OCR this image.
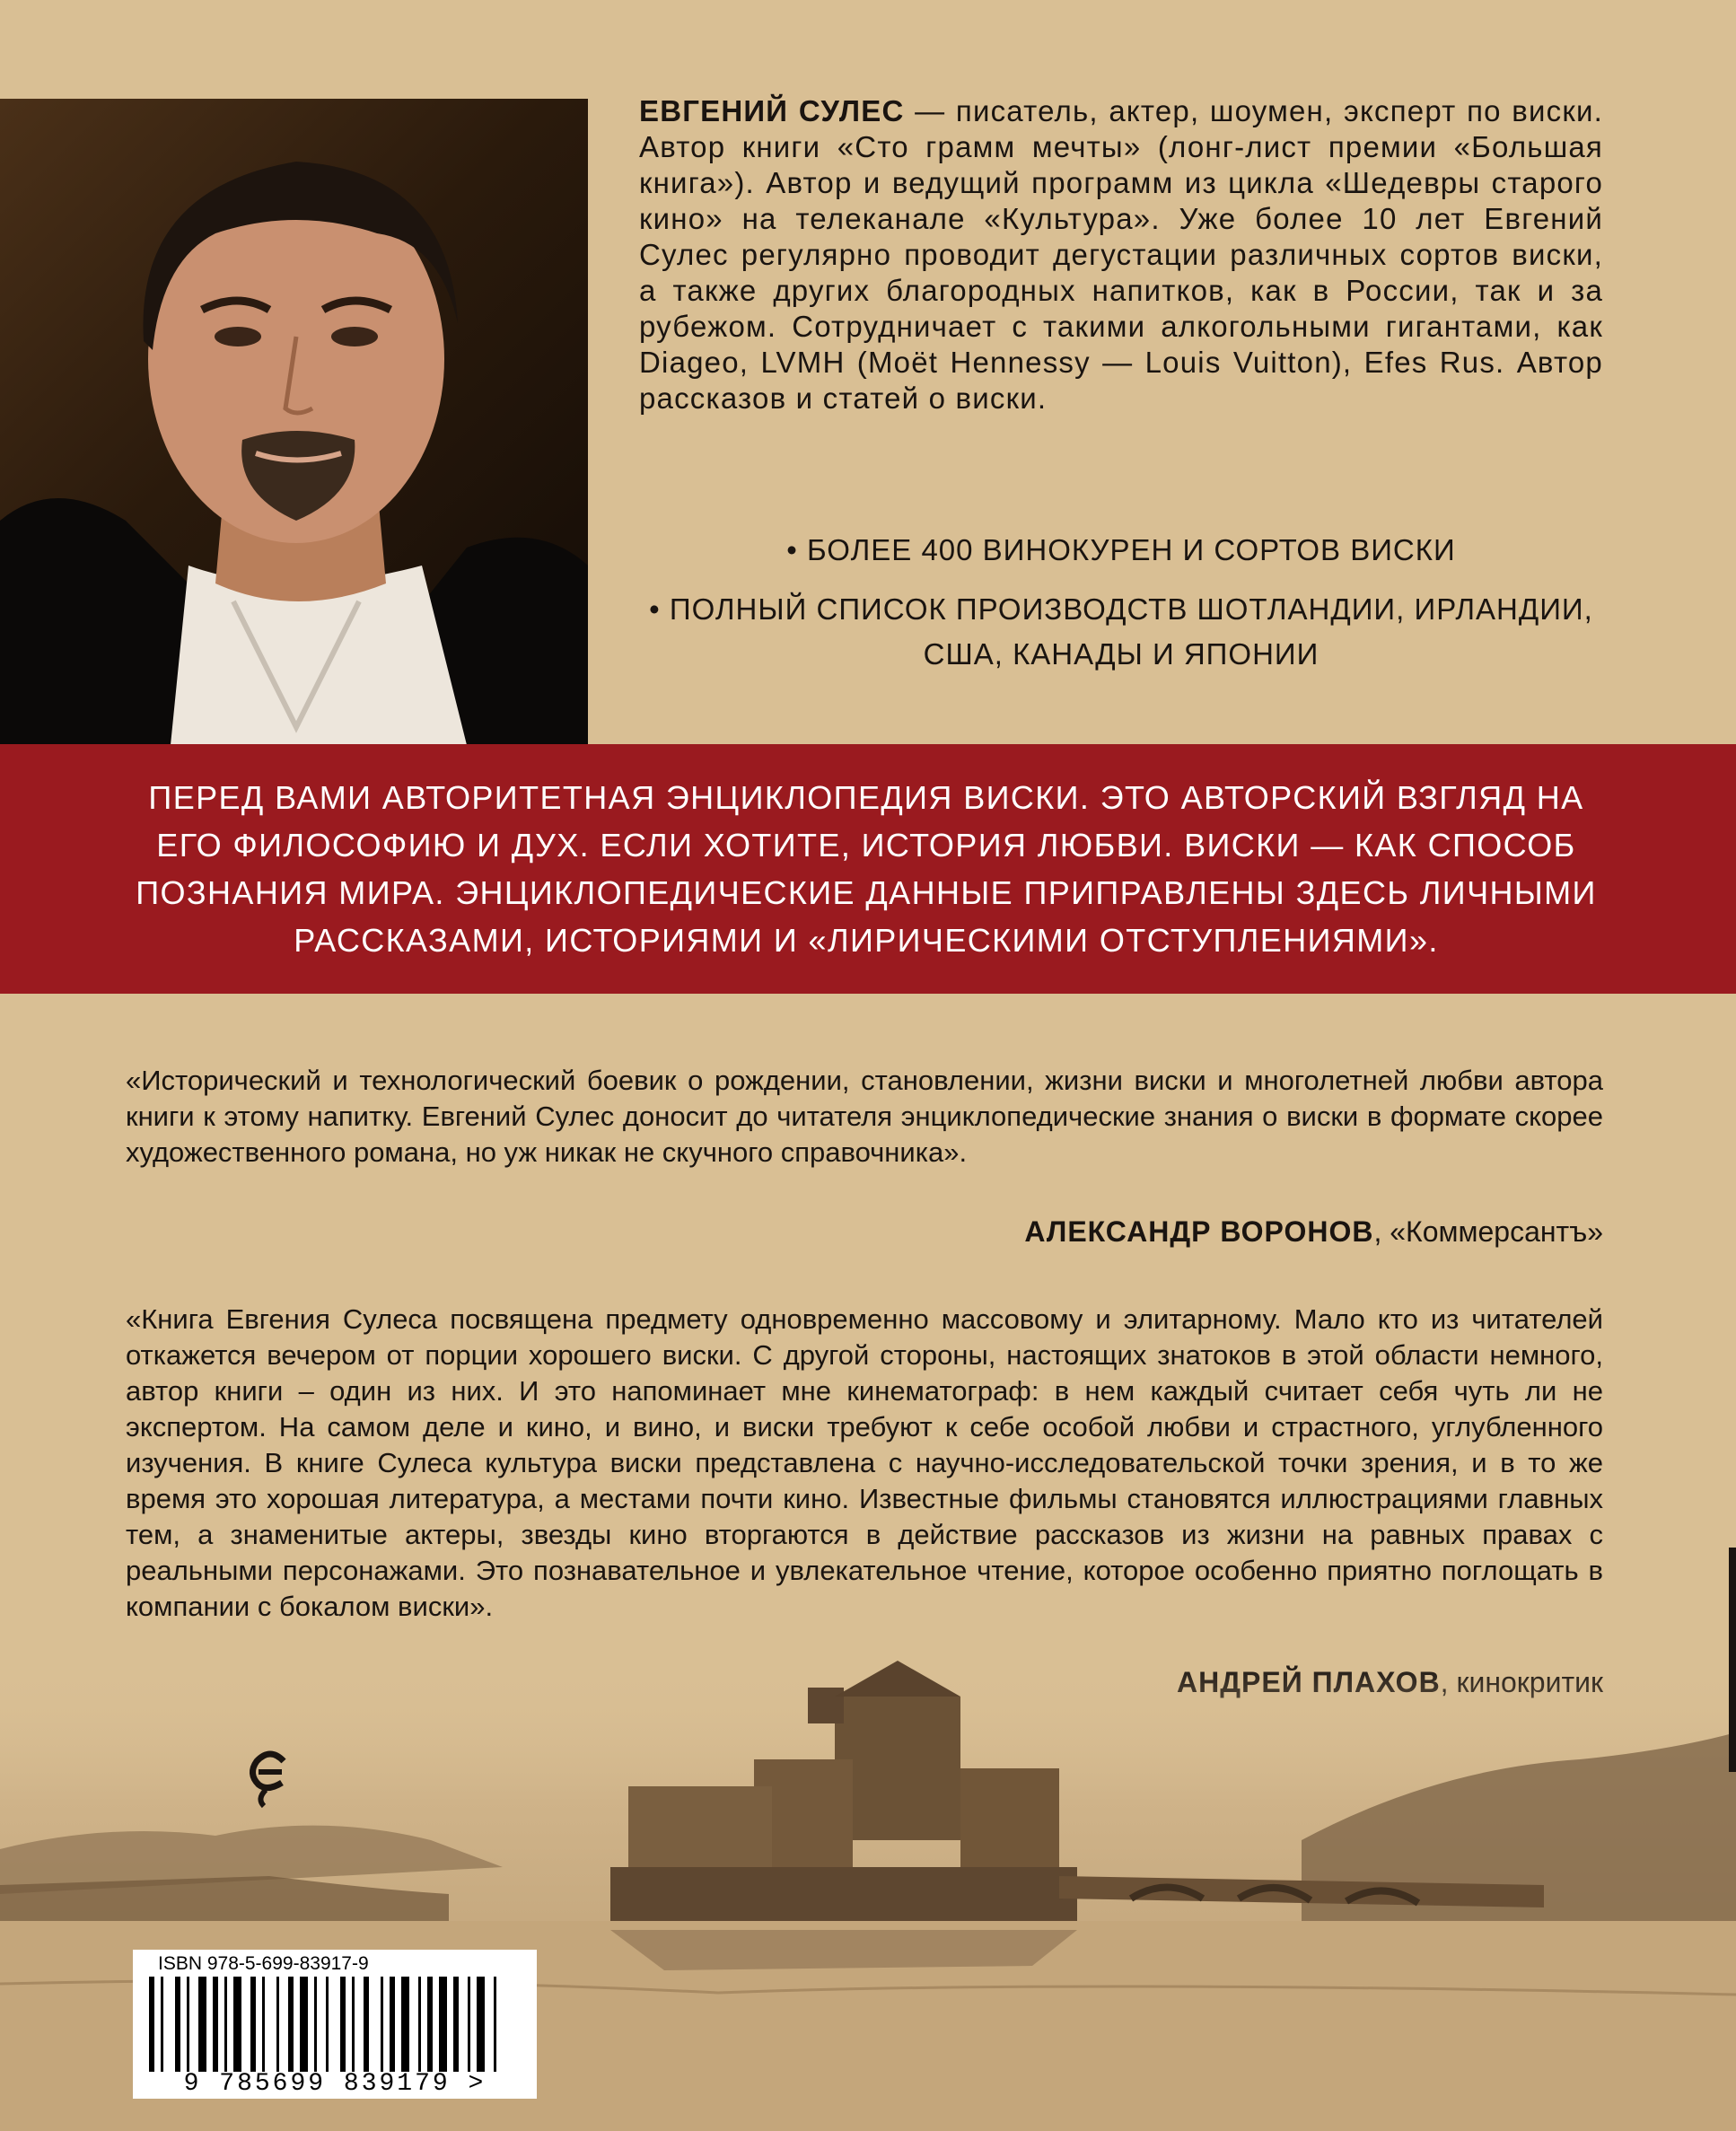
ЕВГЕНИЙ СУЛЕС — писатель, актер, шоумен, эксперт по виски. Автор книги «Сто грамм мечты» (лонг-лист премии «Большая книга»). Автор и ведущий программ из цикла «Шедевры старого кино» на телеканале «Культура». Уже более 10 лет Евгений Сулес регулярно проводит дегустации различных сортов виски, а также других благородных напитков, как в России, так и за рубежом. Сотрудничает с такими алкогольными гигантами, как Diageo, LVMH (Moët Hennessy — Louis Vuitton), Efes Rus. Автор рассказов и статей о виски.
• БОЛЕЕ 400 ВИНОКУРЕН И СОРТОВ ВИСКИ
• ПОЛНЫЙ СПИСОК ПРОИЗВОДСТВ ШОТЛАНДИИ, ИРЛАНДИИ, США, КАНАДЫ И ЯПОНИИ
ПЕРЕД ВАМИ АВТОРИТЕТНАЯ ЭНЦИКЛОПЕДИЯ ВИСКИ. ЭТО АВТОРСКИЙ ВЗГЛЯД НА ЕГО ФИЛОСОФИЮ И ДУХ. ЕСЛИ ХОТИТЕ, ИСТОРИЯ ЛЮБВИ. ВИСКИ — КАК СПОСОБ ПОЗНАНИЯ МИРА. ЭНЦИКЛОПЕДИЧЕСКИЕ ДАННЫЕ ПРИПРАВЛЕНЫ ЗДЕСЬ ЛИЧНЫМИ РАССКАЗАМИ, ИСТОРИЯМИ И «ЛИРИЧЕСКИМИ ОТСТУПЛЕНИЯМИ».
«Исторический и технологический боевик о рождении, становлении, жизни виски и многолетней любви автора книги к этому напитку. Евгений Сулес доносит до читателя энциклопедические знания о виски в формате скорее художественного романа, но уж никак не скучного справочника».
АЛЕКСАНДР ВОРОНОВ, «Коммерсантъ»
«Книга Евгения Сулеса посвящена предмету одновременно массовому и элитарному. Мало кто из читателей откажется вечером от порции хорошего виски. С другой стороны, настоящих знатоков в этой области немного, автор книги – один из них. И это напоминает мне кинематограф: в нем каждый считает себя чуть ли не экспертом. На самом деле и кино, и вино, и виски требуют к себе особой любви и страстного, углубленного изучения. В книге Сулеса культура виски представлена с научно-исследовательской точки зрения, и в то же время это хорошая литература, а местами почти кино. Известные фильмы становятся иллюстрациями главных тем, а знаменитые актеры, звезды кино вторгаются в действие рассказов из жизни на равных правах с реальными персонажами. Это познавательное и увлекательное чтение, которое особенно приятно поглощать в компании с бокалом виски».
ISBN 978-5-699-83917-9
9 785699 839179 >
